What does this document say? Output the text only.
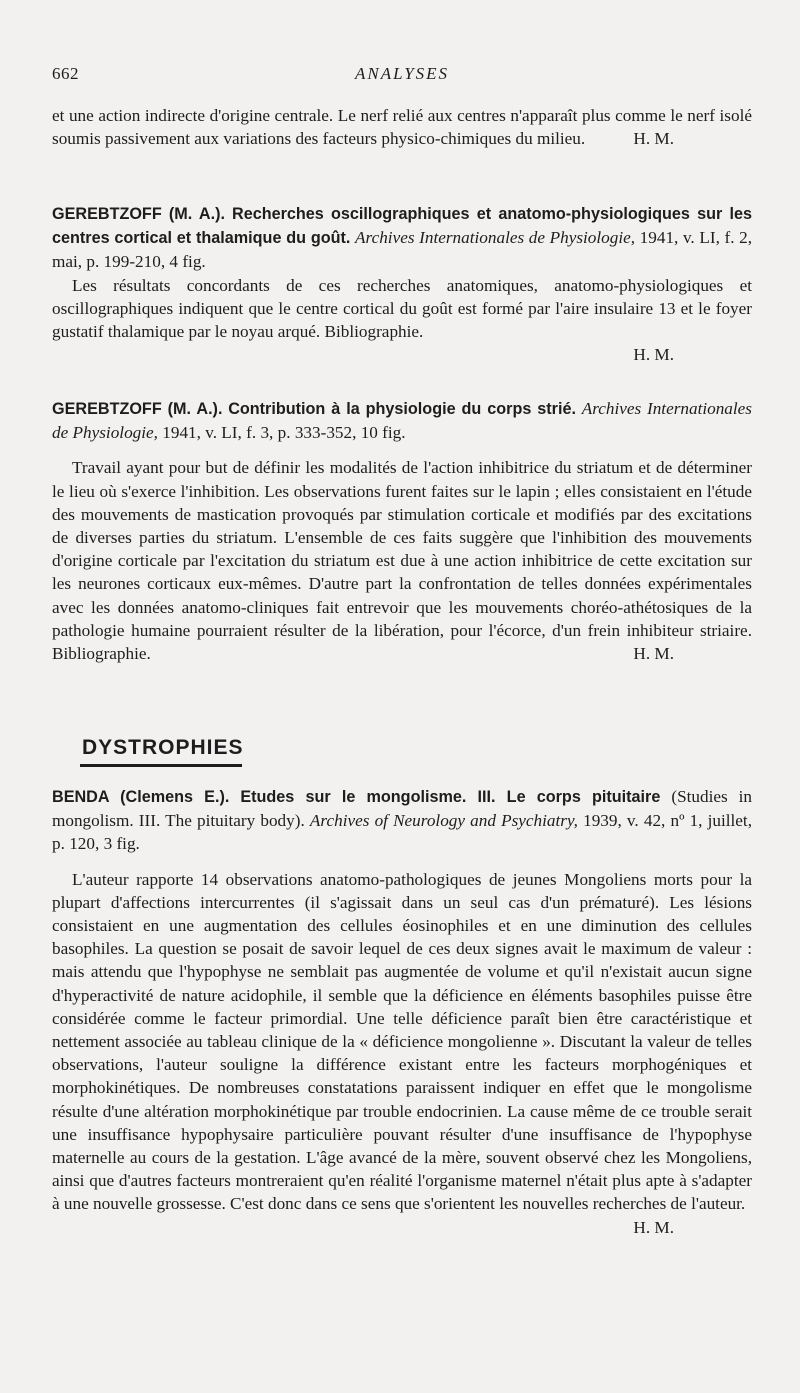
662	ANALYSES

et une action indirecte d'origine centrale. Le nerf relié aux centres n'apparaît plus comme le nerf isolé soumis passivement aux variations des facteurs physico-chimiques du milieu.	H. M.

GEREBTZOFF (M. A.). Recherches oscillographiques et anatomo-physiologiques sur les centres cortical et thalamique du goût. Archives Internationales de Physiologie, 1941, v. LI, f. 2, mai, p. 199-210, 4 fig.

Les résultats concordants de ces recherches anatomiques, anatomo-physiologiques et oscillographiques indiquent que le centre cortical du goût est formé par l'aire insulaire 13 et le foyer gustatif thalamique par le noyau arqué. Bibliographie.

H. M.

GEREBTZOFF (M. A.). Contribution à la physiologie du corps strié. Archives Internationales de Physiologie, 1941, v. LI, f. 3, p. 333-352, 10 fig.

Travail ayant pour but de définir les modalités de l'action inhibitrice du striatum et de déterminer le lieu où s'exerce l'inhibition. Les observations furent faites sur le lapin ; elles consistaient en l'étude des mouvements de mastication provoqués par stimulation corticale et modifiés par des excitations de diverses parties du striatum. L'ensemble de ces faits suggère que l'inhibition des mouvements d'origine corticale par l'excitation du striatum est due à une action inhibitrice de cette excitation sur les neurones corticaux eux-mêmes. D'autre part la confrontation de telles données expérimentales avec les données anatomo-cliniques fait entrevoir que les mouvements choréo-athétosiques de la pathologie humaine pourraient résulter de la libération, pour l'écorce, d'un frein inhibiteur striaire. Bibliographie.	H. M.

DYSTROPHIES

BENDA (Clemens E.). Etudes sur le mongolisme. III. Le corps pituitaire (Studies in mongolism. III. The pituitary body). Archives of Neurology and Psychiatry, 1939, v. 42, nº 1, juillet, p. 120, 3 fig.

L'auteur rapporte 14 observations anatomo-pathologiques de jeunes Mongoliens morts pour la plupart d'affections intercurrentes (il s'agissait dans un seul cas d'un prématuré). Les lésions consistaient en une augmentation des cellules éosinophiles et en une diminution des cellules basophiles. La question se posait de savoir lequel de ces deux signes avait le maximum de valeur : mais attendu que l'hypophyse ne semblait pas augmentée de volume et qu'il n'existait aucun signe d'hyperactivité de nature acidophile, il semble que la déficience en éléments basophiles puisse être considérée comme le facteur primordial. Une telle déficience paraît bien être caractéristique et nettement associée au tableau clinique de la « déficience mongolienne ». Discutant la valeur de telles observations, l'auteur souligne la différence existant entre les facteurs morphogéniques et morphokinétiques. De nombreuses constatations paraissent indiquer en effet que le mongolisme résulte d'une altération morphokinétique par trouble endocrinien. La cause même de ce trouble serait une insuffisance hypophysaire particulière pouvant résulter d'une insuffisance de l'hypophyse maternelle au cours de la gestation. L'âge avancé de la mère, souvent observé chez les Mongoliens, ainsi que d'autres facteurs montreraient qu'en réalité l'organisme maternel n'était plus apte à s'adapter à une nouvelle grossesse. C'est donc dans ce sens que s'orientent les nouvelles recherches de l'auteur.

H. M.
